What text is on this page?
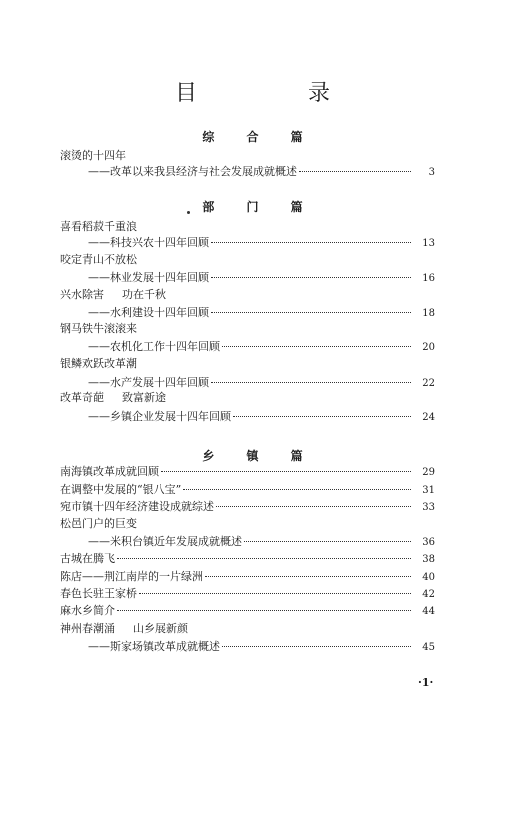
目 录
综 合 篇
滚烫的十四年
——改革以来我县经济与社会发展成就概述	3
部 门 篇
喜看稻菽千重浪
——科技兴农十四年回顾	13
咬定青山不放松
——林业发展十四年回顾	16
兴水除害 功在千秋
——水利建设十四年回顾	18
钢马铁牛滚滚来
——农机化工作十四年回顾	20
银鳞欢跃改革潮
——水产发展十四年回顾	22
改革奇葩 致富新途
——乡镇企业发展十四年回顾	24
乡 镇 篇
南海镇改革成就回顾	29
在调整中发展的“银八宝”	31
宛市镇十四年经济建设成就综述	33
松邑门户的巨变
——米积台镇近年发展成就概述	36
古城在腾飞	38
陈店——荆江南岸的一片绿洲	40
春色长驻王家桥	42
麻水乡简介	44
神州春潮涌 山乡展新颜
——斯家场镇改革成就概述	45
·1·
